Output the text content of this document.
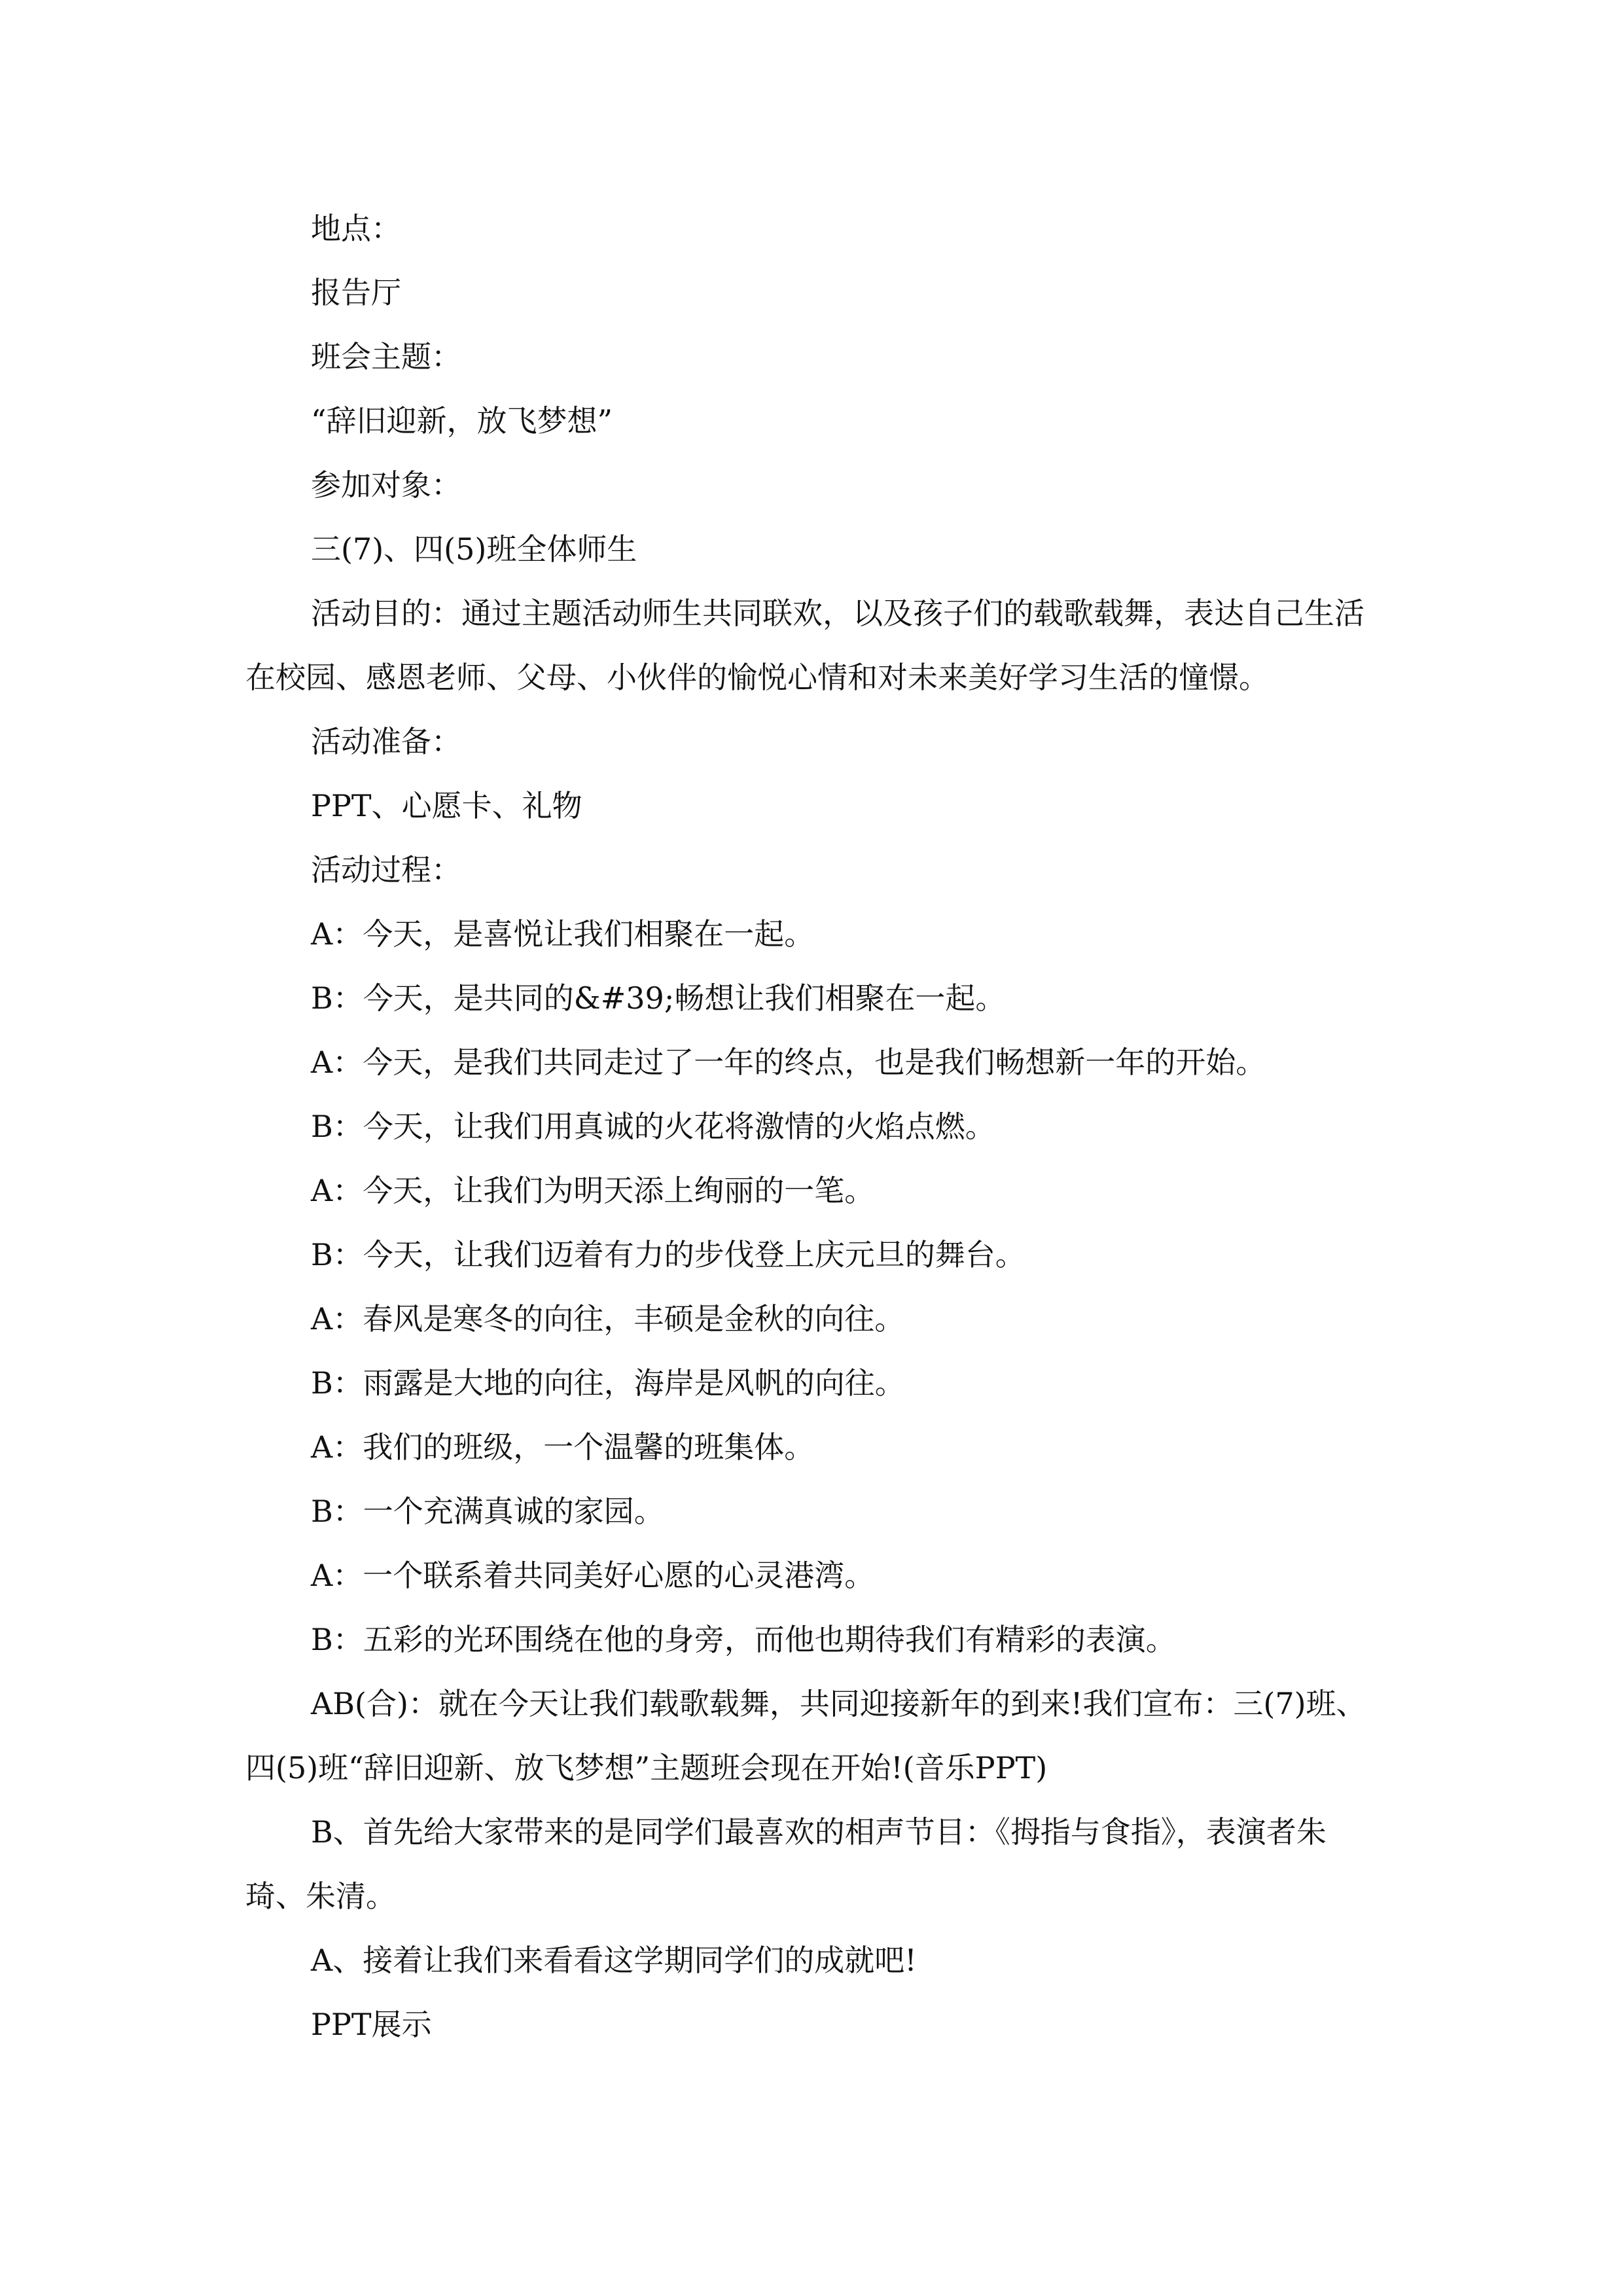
地点：

报告厅

班会主题：

“辞旧迎新，放飞梦想”

参加对象：

三(7)、四(5)班全体师生

活动目的：通过主题活动师生共同联欢，以及孩子们的载歌载舞，表达自己生活在校园、感恩老师、父母、小伙伴的愉悦心情和对未来美好学习生活的憧憬。

活动准备：

PPT、心愿卡、礼物

活动过程：

A：今天，是喜悦让我们相聚在一起。

B：今天，是共同的&#39;畅想让我们相聚在一起。

A：今天，是我们共同走过了一年的终点，也是我们畅想新一年的开始。

B：今天，让我们用真诚的火花将激情的火焰点燃。

A：今天，让我们为明天添上绚丽的一笔。

B：今天，让我们迈着有力的步伐登上庆元旦的舞台。

A：春风是寒冬的向往，丰硕是金秋的向往。

B：雨露是大地的向往，海岸是风帆的向往。

A：我们的班级，一个温馨的班集体。

B：一个充满真诚的家园。

A：一个联系着共同美好心愿的心灵港湾。

B：五彩的光环围绕在他的身旁，而他也期待我们有精彩的表演。

AB(合)：就在今天让我们载歌载舞，共同迎接新年的到来!我们宣布：三(7)班、四(5)班“辞旧迎新、放飞梦想”主题班会现在开始!(音乐PPT)

B、首先给大家带来的是同学们最喜欢的相声节目：《拇指与食指》，表演者朱琦、朱清。

A、接着让我们来看看这学期同学们的成就吧!

PPT展示
